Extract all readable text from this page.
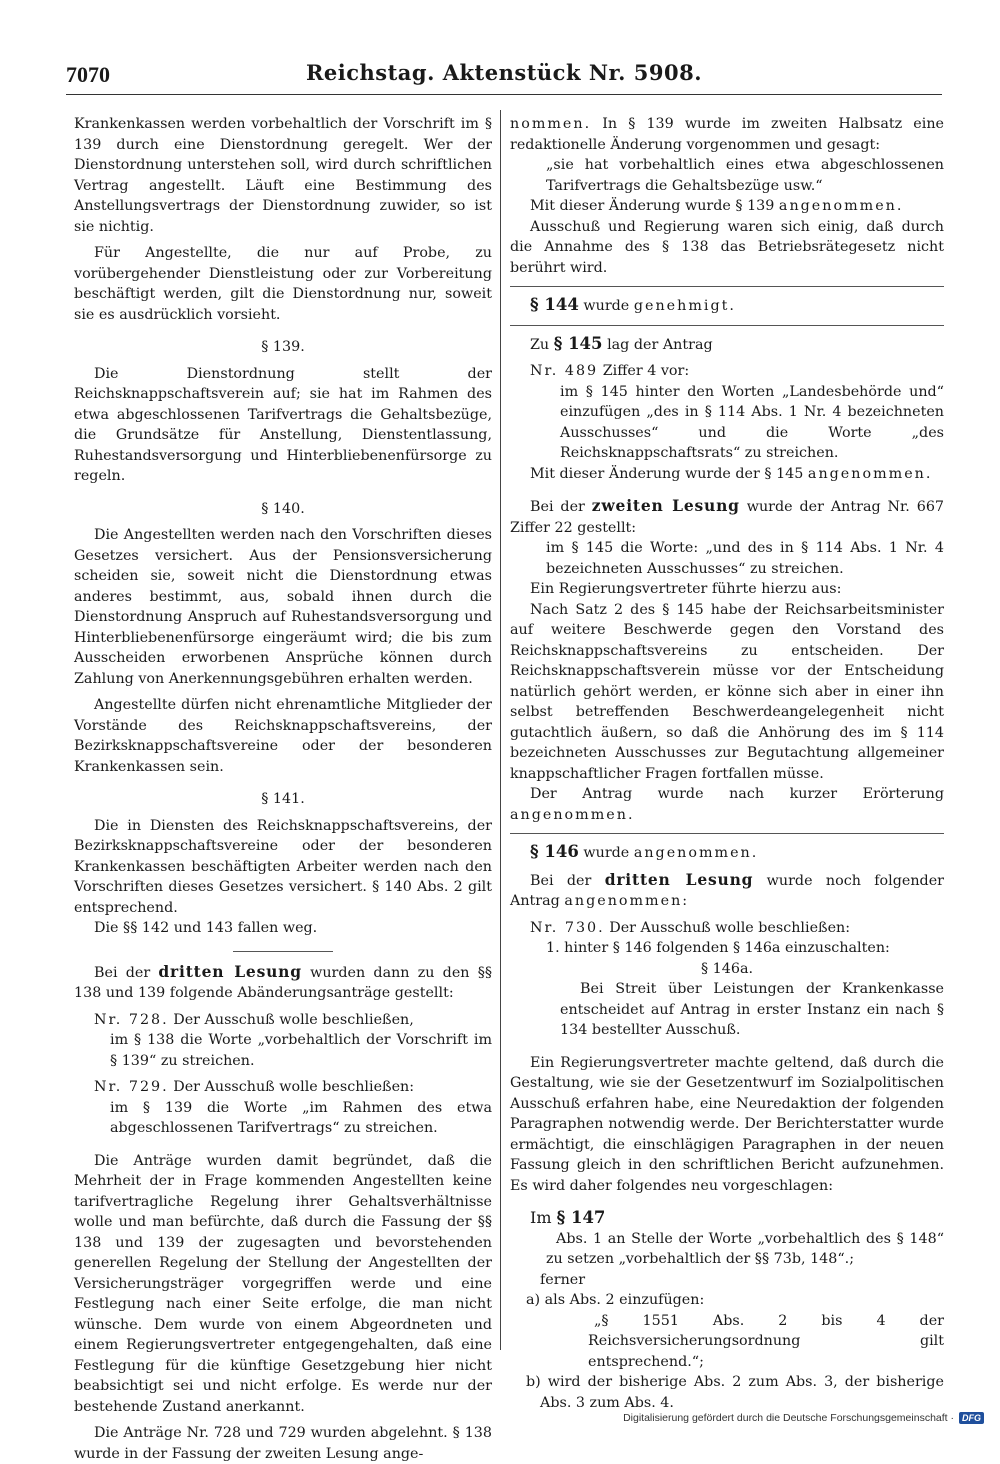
7070	Reichstag. Aktenstück Nr. 5908.

Krankenkassen werden vorbehaltlich der Vorschrift im § 139 durch eine Dienstordnung geregelt. Wer der Dienstordnung unterstehen soll, wird durch schriftlichen Vertrag angestellt. Läuft eine Bestimmung des Anstellungsvertrags der Dienstordnung zuwider, so ist sie nichtig.

Für Angestellte, die nur auf Probe, zu vorübergehender Dienstleistung oder zur Vorbereitung beschäftigt werden, gilt die Dienstordnung nur, soweit sie es ausdrücklich vorsieht.

§ 139.

Die Dienstordnung stellt der Reichsknappschaftsverein auf; sie hat im Rahmen des etwa abgeschlossenen Tarifvertrags die Gehaltsbezüge, die Grundsätze für Anstellung, Dienstentlassung, Ruhestandsversorgung und Hinterbliebenenfürsorge zu regeln.

§ 140.

Die Angestellten werden nach den Vorschriften dieses Gesetzes versichert. Aus der Pensionsversicherung scheiden sie, soweit nicht die Dienstordnung etwas anderes bestimmt, aus, sobald ihnen durch die Dienstordnung Anspruch auf Ruhestandsversorgung und Hinterbliebenenfürsorge eingeräumt wird; die bis zum Ausscheiden erworbenen Ansprüche können durch Zahlung von Anerkennungsgebühren erhalten werden.

Angestellte dürfen nicht ehrenamtliche Mitglieder der Vorstände des Reichsknappschaftsvereins, der Bezirksknappschaftsvereine oder der besonderen Krankenkassen sein.

§ 141.

Die in Diensten des Reichsknappschaftsvereins, der Bezirksknappschaftsvereine oder der besonderen Krankenkassen beschäftigten Arbeiter werden nach den Vorschriften dieses Gesetzes versichert. § 140 Abs. 2 gilt entsprechend.

Die §§ 142 und 143 fallen weg.

Bei der dritten Lesung wurden dann zu den §§ 138 und 139 folgende Abänderungsanträge gestellt:

Nr. 728. Der Ausschuß wolle beschließen,

im § 138 die Worte „vorbehaltlich der Vorschrift im § 139“ zu streichen.

Nr. 729. Der Ausschuß wolle beschließen:

im § 139 die Worte „im Rahmen des etwa abgeschlossenen Tarifvertrags“ zu streichen.

Die Anträge wurden damit begründet, daß die Mehrheit der in Frage kommenden Angestellten keine tarifvertragliche Regelung ihrer Gehaltsverhältnisse wolle und man befürchte, daß durch die Fassung der §§ 138 und 139 der zugesagten und bevorstehenden generellen Regelung der Stellung der Angestellten der Versicherungsträger vorgegriffen werde und eine Festlegung nach einer Seite erfolge, die man nicht wünsche. Dem wurde von einem Abgeordneten und einem Regierungsvertreter entgegengehalten, daß eine Festlegung für die künftige Gesetzgebung hier nicht beabsichtigt sei und nicht erfolge. Es werde nur der bestehende Zustand anerkannt.

Die Anträge Nr. 728 und 729 wurden abgelehnt. § 138 wurde in der Fassung der zweiten Lesung ange-

nommen. In § 139 wurde im zweiten Halbsatz eine redaktionelle Änderung vorgenommen und gesagt:

„sie hat vorbehaltlich eines etwa abgeschlossenen Tarifvertrags die Gehaltsbezüge usw.“

Mit dieser Änderung wurde § 139 angenommen.

Ausschuß und Regierung waren sich einig, daß durch die Annahme des § 138 das Betriebsrätegesetz nicht berührt wird.

§ 144 wurde genehmigt.

Zu § 145 lag der Antrag

Nr. 489 Ziffer 4 vor:

im § 145 hinter den Worten „Landesbehörde und“ einzufügen „des in § 114 Abs. 1 Nr. 4 bezeichneten Ausschusses“ und die Worte „des Reichsknappschaftsrats“ zu streichen.

Mit dieser Änderung wurde der § 145 angenommen.

Bei der zweiten Lesung wurde der Antrag Nr. 667 Ziffer 22 gestellt:

im § 145 die Worte: „und des in § 114 Abs. 1 Nr. 4 bezeichneten Ausschusses“ zu streichen.

Ein Regierungsvertreter führte hierzu aus:

Nach Satz 2 des § 145 habe der Reichsarbeitsminister auf weitere Beschwerde gegen den Vorstand des Reichsknappschaftsvereins zu entscheiden. Der Reichsknappschaftsverein müsse vor der Entscheidung natürlich gehört werden, er könne sich aber in einer ihn selbst betreffenden Beschwerdeangelegenheit nicht gutachtlich äußern, so daß die Anhörung des im § 114 bezeichneten Ausschusses zur Begutachtung allgemeiner knappschaftlicher Fragen fortfallen müsse.

Der Antrag wurde nach kurzer Erörterung angenommen.

§ 146 wurde angenommen.

Bei der dritten Lesung wurde noch folgender Antrag angenommen:

Nr. 730. Der Ausschuß wolle beschließen:

1. hinter § 146 folgenden § 146a einzuschalten:

§ 146a.

Bei Streit über Leistungen der Krankenkasse entscheidet auf Antrag in erster Instanz ein nach § 134 bestellter Ausschuß.

Ein Regierungsvertreter machte geltend, daß durch die Gestaltung, wie sie der Gesetzentwurf im Sozialpolitischen Ausschuß erfahren habe, eine Neuredaktion der folgenden Paragraphen notwendig werde. Der Berichterstatter wurde ermächtigt, die einschlägigen Paragraphen in der neuen Fassung gleich in den schriftlichen Bericht aufzunehmen. Es wird daher folgendes neu vorgeschlagen:

Im § 147

Abs. 1 an Stelle der Worte „vorbehaltlich des § 148“ zu setzen „vorbehaltlich der §§ 73b, 148“.;

ferner

a) als Abs. 2 einzufügen:

„§ 1551 Abs. 2 bis 4 der Reichsversicherungsordnung gilt entsprechend.“;

b) wird der bisherige Abs. 2 zum Abs. 3, der bisherige Abs. 3 zum Abs. 4.

Digitalisierung gefördert durch die Deutsche Forschungsgemeinschaft · DFG
